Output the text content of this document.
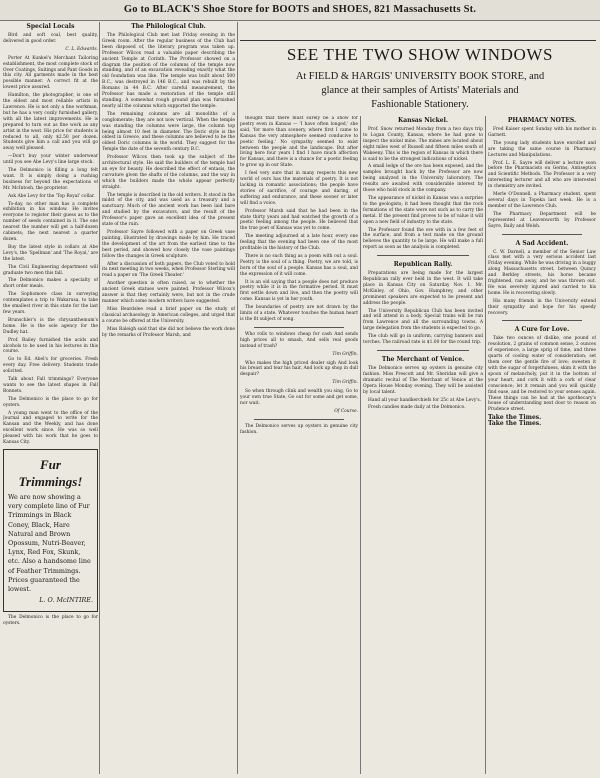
Go to BLACK'S Shoe Store for BOOTS and SHOES, 821 Massachusetts St.
Special Locals

Bird and soft coal, best quality, delivered in good order.

C. L. Edwards.

Porter At Kunkel's Merchant Tailoring establishment, the most complete stock of Over Coatings, Suitings and Pant Goods in this city. All garments made in the best possible manner. A correct fit at the lowest price assured.

Hamilton, the photographer, is one of the oldest and most reliable artists in Lawrence. He is not only a fine workman, but he has a very cozily furnished gallery, with all the latest improvements. He is prepared to turn out as fine work as any artist in the west. His price for students is reduced to all, only $2.50 per dozen. Students give him a call and you will go away well pleased.

—Don't buy your winter underwear until you see Abe Levy's line large stock.

The Delmonico is filling a long felt want. It is simply doing a rushing business for beyond the expectations of Mr. McIntosh, the proprietor.

Ask Abe Levy for the 'Top Royal' collar.

To-day, no other man has a complete exhibition in his window. He invites everyone to register their guess as to the number of seeds contained in it. The one nearest the number will get a half-dozen cabinets; the next nearest a quarter dozen.

Buy the latest style in collars at Abe Levy's, the 'Spellman' and 'The Royal,' are the latest.

The Civil Engineering department will graduate two men this fall.

The Delmonico makes a specialty of short order meals.

The Sophomore class in surveying contemplates a trip to Wakarusa, to take the smallest river in this state for the last few years.

Brunschler's is the chrysanthemum's home. He is the sole agency for the Dudley hat.

Prof. Bailey furnished the acids and alcohols to be used in his lectures in this course.

Go to Ed. Abel's for groceries. Fresh every day. Free delivery. Students trade solicited.

Talk about Fall trimmings? Everyone wants to see the latest shapes in Fall Bonnets.

The Delmonico is the place to go for oysters.

A young man went to the office of the Journal and engaged to write for the Kansan and the Weekly, and has done excellent work since. He was so well pleased with his work that he goes to Kansas City.

Fur Trimmings!
We are now showing a very complete line of Fur Trimmings in Black Coney, Black, Hare Natural and Brown Opossum, Nutri-Beaver, Lynx, Red Fox, Skunk, etc. Also a handsome line of Feather Trimmings. Prices guaranteed the lowest.
L. O. McINTIRE.

The Delmonico is the place to go for oysters.

The Philological Club.

The Philological Club met last Friday evening in the Greek room. After the regular business of the Club had been disposed of, the literary program was taken up. Professor Wilcox read a valuable paper describing the ancient Temple at Corinth. The Professor showed on a diagram the position of the columns of the temple now standing, and of an excavation revealing exactly what the old foundation was like. The temple was built about 500 B.C., was destroyed in 146 B.C., and was rebuilt by the Romans in 44 B.C. After careful measurement, the Professor has made a restoration of the temple still standing. A somewhat rough ground plan was furnished nearly all the columns which supported the temple.

The remaining columns are all monoliths of a conglomerate; they are not now vertical. When the temple was standing the columns were large, the column top being almost 10 feet in diameter. The Doric style is the oldest in Greece, and these columns are believed to be the oldest Doric columns in the world. They suggest for the Temple the date of the seventh century B.C.

Professor Wilcox then took up the subject of the architectural style. He said the builders of the temple had an eye for beauty. He described the effect of entasis, the curvature given the shafts of the columns, and the way in which the builders made the whole appear perfectly straight.

The temple is described in the old writers. It stood in the midst of the city, and was used as a treasury and a sanctuary. Much of the ancient work has been laid bare and studied by the excavators, and the result of the Professor's paper gave an excellent idea of the present state of the ruin.

Professor Sayre followed with a paper on Greek vase painting, illustrated by drawings made by him. He traced the development of the art from the earliest time to the best period, and showed how closely the vase paintings follow the changes in Greek sculpture.

After a discussion of both papers, the Club voted to hold its next meeting in two weeks, when Professor Sterling will read a paper on 'The Greek Theater.'

Another question is often raised, as to whether the ancient Greek statues were painted. Professor Wilcox's answer is that they certainly were, but not in the crude manner which some modern writers have suggested.

Miss Beardslee read a brief paper on the study of classical archaeology in American colleges, and urged that a course be offered at the University.

Miss Raleigh said that she did not believe the work done by the remarks of Professor Marsh, and

SEE THE TWO SHOW WINDOWS
At FIELD & HARGIS' UNIVERSITY BOOK STORE, and
glance at their samples of Artists' Materials and
Fashionable Stationery.

thought that there must surely be a show for poetry even in Kansas — 'I have often longed,' she said, 'for more than scenery, where first I came to Kansas the very atmosphere seemed conducive to poetic feeling.' No sympathy seemed to exist between the people and the landscape. But after living here four years I find I have much affection for Kansas, and there is a chance for a poetic feeling to grow up in our State.

I feel very sure that in many respects this new world of ours has the materials of poetry. It is not lacking in romantic associations; the people have stories of sacrifice, of courage and daring, of suffering and endurance, and these sooner or later will find a voice.

Professor Marsh said that he had been in the state thirty years and had watched the growth of a poetic feeling among the people. He believed that the true poet of Kansas was yet to come.

The meeting adjourned at a late hour, every one feeling that the evening had been one of the most profitable in the history of the Club.

There is no such thing as a poem with out a soul. Poetry is the soul of a thing. Poetry, we are told, is born of the soul of a people. Kansas has a soul, and the expression of it will come.

It is an old saying that a people does not produce poetry while it is in the formative period. It must first settle down and live, and then the poetry will come. Kansas is yet in her youth.

The boundaries of poetry are not drawn by the limits of a state. Whatever touches the human heart is the fit subject of song.

Who rolls to windows cheap for cash And sends high prices all to smash, And sells real goods instead of trash?

Tim Griffin.

Who makes the high priced dealer sigh And look his breast and tear his hair, And lock up shop in dull despair?

Tim Griffin.

So when through clink and wealth you sing, Go to your own true State, Go out for some and get some, nor wait.

Of Course.

The Delmonico serves up oysters in genuine city fashion.

Kansas Nickel.

Prof. Snow returned Monday from a two days trip to Logan County, Kansas, where he had gone to inspect the nickel mine. The mines are located about eight miles west of Russell and fifteen miles south of Wakeeny. This is the region of Kansas in which there is said to be the strongest indications of nickel.

A small ledge of the ore has been exposed, and the samples brought back by the Professor are now being analyzed in the University laboratory. The results are awaited with considerable interest by those who hold stock in the company.

The appearance of nickel in Kansas was a surprise to the geologists; it had been thought that the rock formations of the state were not such as to carry the metal. If the present find proves to be of value it will open a new field of industry to the state.

The Professor found the ore with in a few feet of the surface, and from a test made on the ground believes the quantity to be large. He will make a full report as soon as the analysis is completed.

Republican Rally.

Preparations are being made for the largest Republican rally ever held in the west. It will take place in Kansas City on Saturday Nov. 1. Mr. McKinley, of Ohio, Gov. Humphrey, and other prominent speakers are expected to be present and address the people.

The University Republican Club has been invited and will attend in a body. Special trains will be run from Lawrence and all the surrounding towns. A large delegation from the students is expected to go.

The club will go in uniform, carrying banners and torches. The railroad rate is $1.00 for the round trip.

The Merchant of Venice.

The Delmonico serves up oysters in genuine city fashion. Miss Prescott and Mr. Sheridan will give a dramatic recital of The Merchant of Venice at the Opera House Monday evening. They will be assisted by local talent.

Hand all your handkerchiefs for 25c at Abe Levy's.

Fresh candies made daily at the Delmonico.

PHARMACY NOTES.

Fred Kaiser spent Sunday with his mother in Garnett.

The young lady students have enrolled and are taking the same course in Pharmacy Lectures and Manipulations.

Prof. L. E. Sayre will deliver a lecture soon before the Pharmacists on Germs, Antiseptics and Scientific Methods. The Professor is a very interesting lecturer and all who are interested in chemistry are invited.

Merle O'Donnell, a Pharmacy student, spent several days in Topeka last week. He is a member of the Lawrence Club.

The Pharmacy Department will be represented at Leavenworth by Professor Sayre, Baily and Welsh.

A Sad Accident.

C. W. Darnell, a member of the Senior Law class met with a very serious accident last Friday evening. While he was driving in a buggy along Massachusetts street, between Quincy and Berkley streets, his horse became frightened, ran away, and he was thrown out. He was severely injured and carried to his home. He is recovering slowly.

His many friends in the University extend their sympathy and hope for his speedy recovery.

A Cure for Love.

Take two ounces of dislike, one pound of resolution, 2 grains of common sense, 2 ounces of experience, a large sprig of time, and three quarts of cooling water of consideration; set them over the gentle fire of love; sweeten it with the sugar of forgetfulness, skim it with the spoon of melancholy, put it in the bottom of your heart, and cork it with a cork of clear conscience; let it remain and you will quickly find ease, and be restored to your senses again. These things can be had at the apothecary's house of understanding next door to reason on Prudence street.

Take the Times.
Take the Times.
